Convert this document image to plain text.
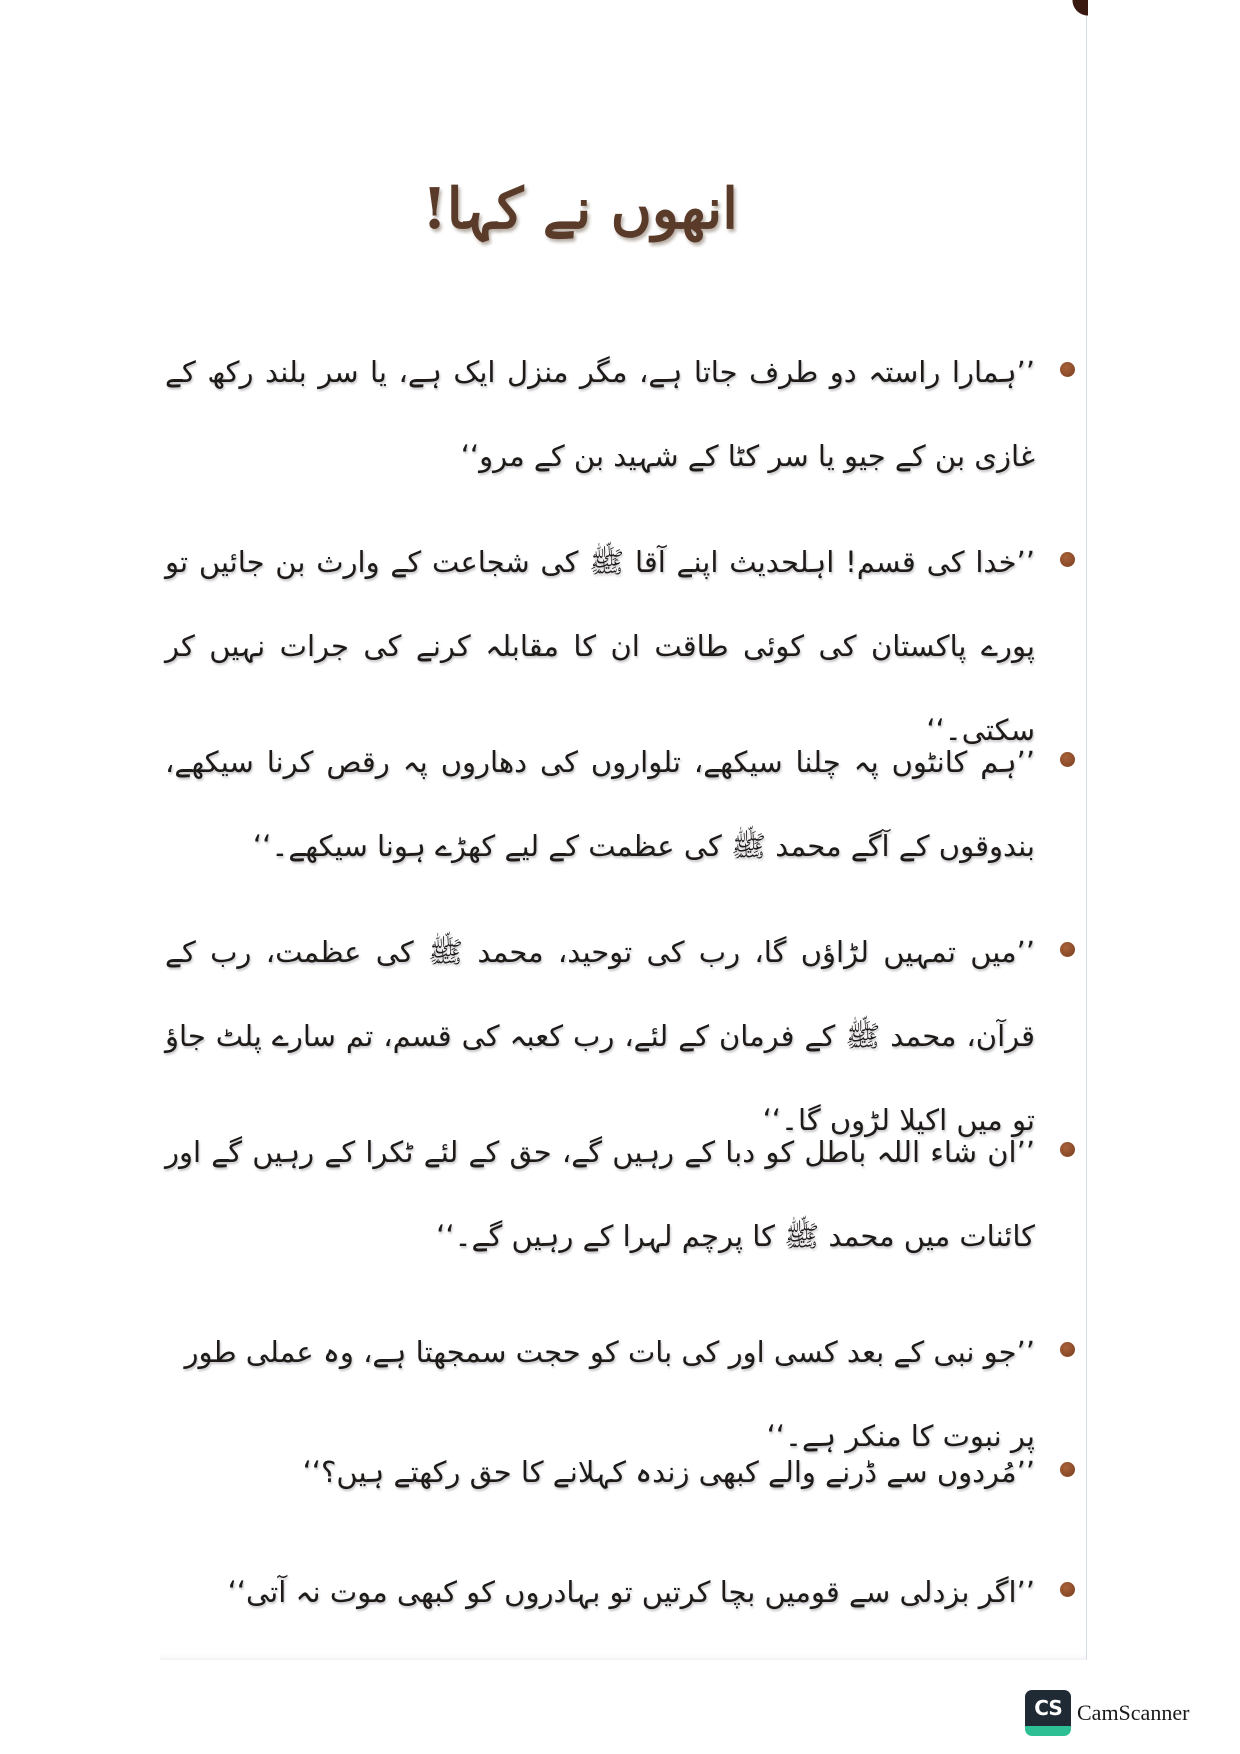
انھوں نے کہا!
’’ہمارا راستہ دو طرف جاتا ہے، مگر منزل ایک ہے، یا سر بلند رکھ کے غازی بن کے جیو یا سر کٹا کے شہید بن کے مرو‘‘
’’خدا کی قسم! اہلحدیث اپنے آقا ﷺ کی شجاعت کے وارث بن جائیں تو پورے پاکستان کی کوئی طاقت ان کا مقابلہ کرنے کی جرات نہیں کر سکتی۔‘‘
’’ہم کانٹوں پہ چلنا سیکھے، تلواروں کی دھاروں پہ رقص کرنا سیکھے، بندوقوں کے آگے محمد ﷺ کی عظمت کے لیے کھڑے ہونا سیکھے۔‘‘
’’میں تمہیں لڑاؤں گا، رب کی توحید، محمد ﷺ کی عظمت، رب کے قرآن، محمد ﷺ کے فرمان کے لئے، رب کعبہ کی قسم، تم سارے پلٹ جاؤ تو میں اکیلا لڑوں گا۔‘‘
’’ان شاء اللہ باطل کو دبا کے رہیں گے، حق کے لئے ٹکرا کے رہیں گے اور کائنات میں محمد ﷺ کا پرچم لہرا کے رہیں گے۔‘‘
’’جو نبی کے بعد کسی اور کی بات کو حجت سمجھتا ہے، وہ عملی طور پر نبوت کا منکر ہے۔‘‘
’’مُردوں سے ڈرنے والے کبھی زندہ کہلانے کا حق رکھتے ہیں؟‘‘
’’اگر بزدلی سے قومیں بچا کرتیں تو بہادروں کو کبھی موت نہ آتی‘‘
CS CamScanner
